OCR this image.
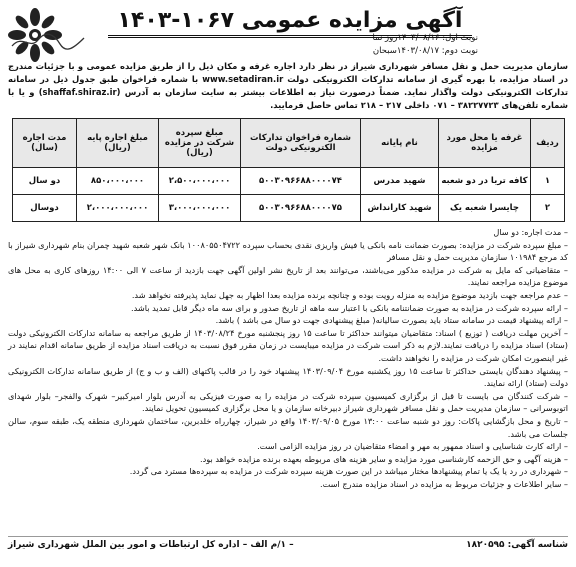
آگهی مزایده عمومی ۱۰۶۷-۱۴۰۳
نوبت اول: ۱۴۰۳/۰۸/۱۶روز نما
نوبت دوم: ۱۴۰۳/۰۸/۱۷سبحان
سازمان مدیریت حمل و نقل مسافر شهرداری شیراز در نظر دارد اجاره غرفه و مکان ذیل را از طریق مزایده عمومی و با جزئیات مندرج در اسناد مزایده، با بهره گیری از سامانه تدارکات الکترونیکی دولت www.setadiran.ir با شماره فراخوان طبق جدول ذیل در سامانه تدارکات الکترونیکی دولت واگذار نماید. ضمناً درصورت نیاز به اطلاعات بیشتر به سایت سازمان به آدرس (shaffaf.shiraz.ir) و یا با شماره تلفن‌های ۳۸۲۲۷۷۲۳ – ۰۷۱ داخلی ۲۱۷ – ۲۱۸ تماس حاصل فرمایید.
ردیف	غرفه یا محل مورد مزایده	نام پایانه	شماره فراخوان تدارکات الکترونیکی دولت	مبلغ سپرده شرکت در مزایده (ریال)	مبلغ اجاره پایه (ریال)	مدت اجاره (سال)
۱	کافه تریا در دو شعبه	شهید مدرس	۵۰۰۳۰۹۶۶۸۸۰۰۰۰۷۴	۲،۵۰۰،۰۰۰،۰۰۰	۸۵۰،۰۰۰،۰۰۰	دو سال
۲	چایسرا شعبه یک	شهید کارانداش	۵۰۰۳۰۹۶۶۸۸۰۰۰۰۷۵	۳،۰۰۰،۰۰۰،۰۰۰	۲،۰۰۰،۰۰۰،۰۰۰	دوسال

– مدت اجاره: دو سال

– مبلغ سپرده شرکت در مزایده: بصورت ضمانت نامه بانکی یا فیش واریزی نقدی بحساب سپرده ۱۰۰۸۰۵۵۰۴۷۲۲ بانک شهر شعبه شهید چمران بنام شهرداری شیراز با کد مرجع ۱۰۱۹۸۴ سازمان مدیریت حمل و نقل مسافر

– متقاضیانی که مایل به شرکت در مزایده مذکور می‌باشند، می‌توانند بعد از تاریخ نشر اولین آگهی جهت بازدید از ساعت ۷ الی ۱۴:۰۰ روزهای کاری به محل های موضوع مزایده مراجعه نمایند.

– عدم مراجعه جهت بازدید موضوع مزایده به منزله رویت بوده و چنانچه برنده مزایده بعدا اظهار به جهل نماید پذیرفته نخواهد شد.

– ارائه سپرده شرکت در مزایده به صورت ضمانتنامه بانکی با اعتبار سه ماهه از تاریخ صدور و برای سه ماه دیگر قابل تمدید باشد.

– ارائه پیشنهاد قیمت در سامانه ستاد باید بصورت سالیانه( مبلغ پیشنهادی جهت دو سال می باشد ) باشد.

– آخرین مهلت دریافت ( توزیع ) اسناد: متقاضیان میتوانند حداکثر تا ساعت ۱۵ روز پنجشنبه مورخ ۱۴۰۳/۰۸/۲۴ از طریق مراجعه به سامانه تدارکات الکترونیکی دولت (ستاد) اسناد مزایده را دریافت نمایند.لازم به ذکر است شرکت در مزایده میبایست در زمان مقرر فوق نسبت به دریافت اسناد مزایده از طریق سامانه اقدام نمایند در غیر اینصورت امکان شرکت در مزایده را نخواهند داشت.

– پیشنهاد دهندگان بایستی حداکثر تا ساعت ۱۵ روز یکشنبه مورخ ۱۴۰۳/۰۹/۰۴ پیشنهاد خود را در قالب پاکتهای (الف و ب و ج) از طریق سامانه تدارکات الکترونیکی دولت (ستاد) ارائه نمایند.

– شرکت کنندگان می بایست تا قبل از برگزاری کمیسیون سپرده شرکت در مزایده را به صورت فیزیکی به آدرس بلوار امیرکبیر– شهرک والفجر– بلوار شهدای اتوبوسرانی – سازمان مدیریت حمل و نقل مسافر شهرداری شیراز دبیرخانه سازمان و یا محل برگزاری کمیسیون تحویل نمایند.

– تاریخ و محل بازگشایی پاکات: روز دو شنبه ساعت ۱۳:۰۰ مورخ ۱۴۰۳/۰۹/۰۵ واقع در شیراز، چهارراه خلدبرین، ساختمان شهرداری منطقه یک، طبقه سوم، سالن جلسات می باشد.

– ارائه کارت شناسایی و اسناد ممهور به مهر و امضاء متقاضیان در روز مزایده الزامی است.

– هزینه آگهی و حق الزحمه کارشناسی مورد مزایده و سایر هزینه های مربوطه بعهده برنده مزایده خواهد بود.

– شهرداری در رد یا یک یا تمام پیشنهادها مختار میباشد در این صورت هزینه سپرده شرکت در مزایده به سپرده‌ها مسترد می گردد.

– سایر اطلاعات و جزئیات مربوط به مزایده در اسناد مزایده مندرج است.

شناسه آگهی: ۱۸۲۰۵۹۵
– ۱/م الف – اداره کل ارتباطات و امور بین الملل شهرداری شیراز
